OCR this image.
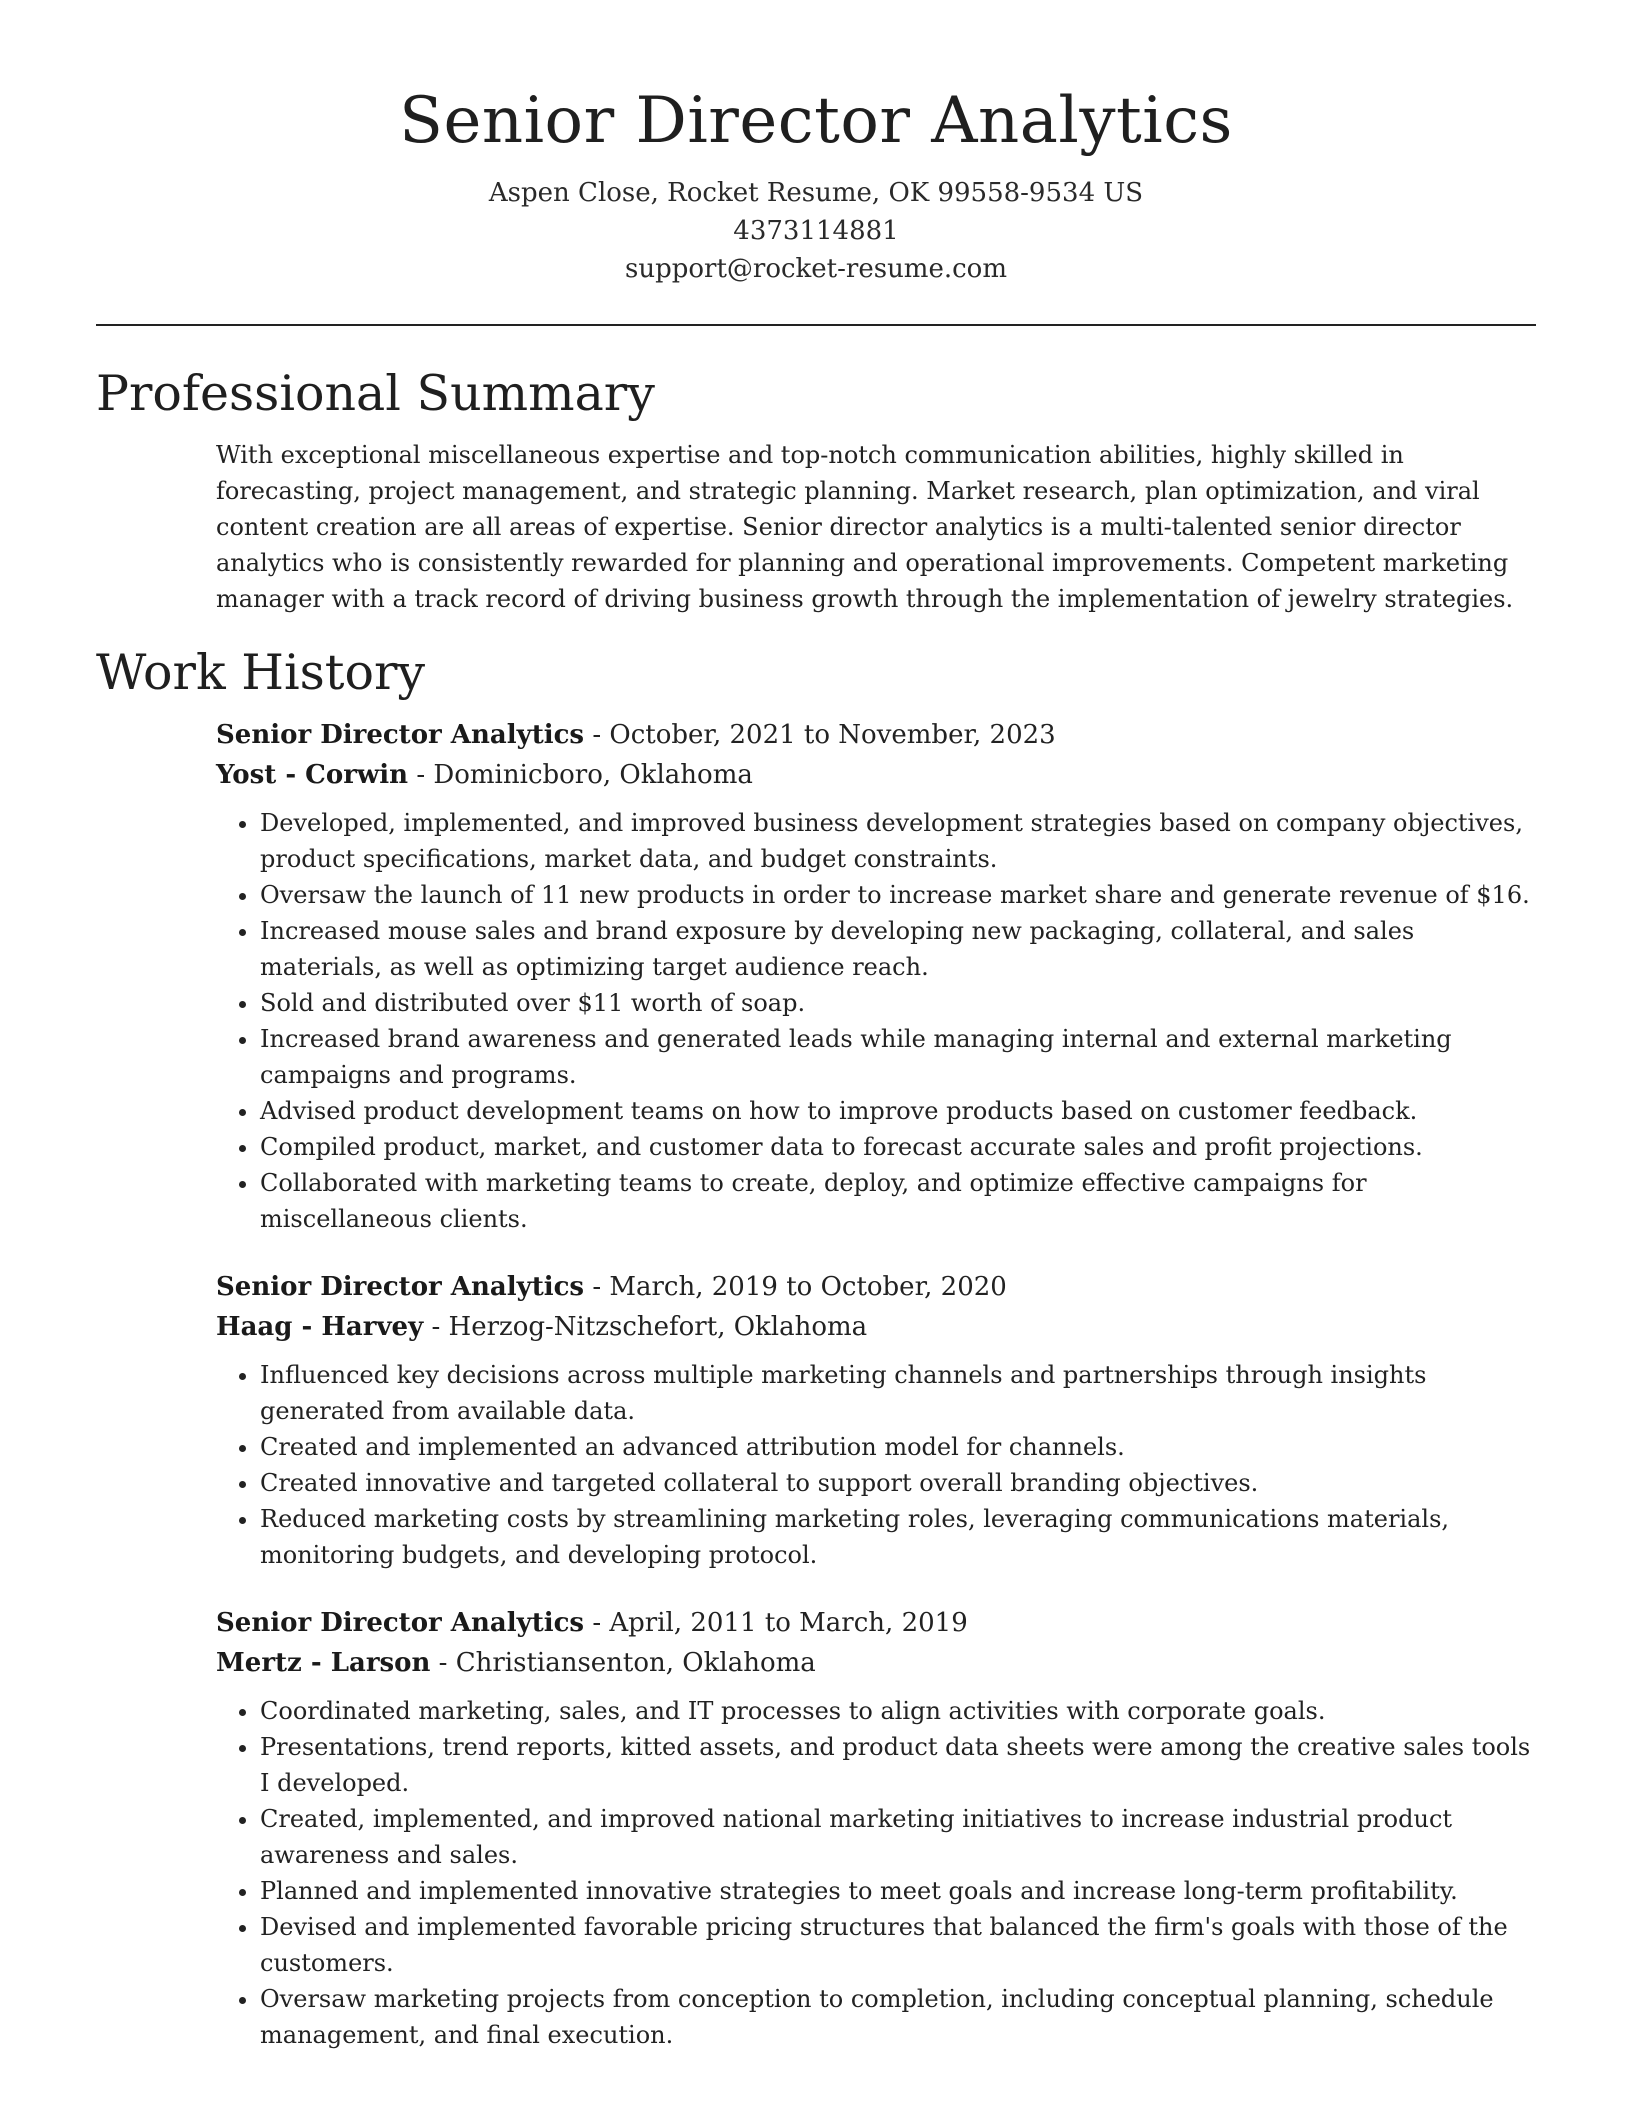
Senior Director Analytics
Aspen Close, Rocket Resume, OK 99558-9534 US
4373114881
support@rocket-resume.com
Professional Summary

With exceptional miscellaneous expertise and top-notch communication abilities, highly skilled in forecasting, project management, and strategic planning. Market research, plan optimization, and viral content creation are all areas of expertise. Senior director analytics is a multi-talented senior director analytics who is consistently rewarded for planning and operational improvements. Competent marketing manager with a track record of driving business growth through the implementation of jewelry strategies.

Work History
Senior Director Analytics - October, 2021 to November, 2023
Yost - Corwin - Dominicboro, Oklahoma
• Developed, implemented, and improved business development strategies based on company objectives, product specifications, market data, and budget constraints.
• Oversaw the launch of 11 new products in order to increase market share and generate revenue of $16.
• Increased mouse sales and brand exposure by developing new packaging, collateral, and sales materials, as well as optimizing target audience reach.
• Sold and distributed over $11 worth of soap.
• Increased brand awareness and generated leads while managing internal and external marketing campaigns and programs.
• Advised product development teams on how to improve products based on customer feedback.
• Compiled product, market, and customer data to forecast accurate sales and profit projections.
• Collaborated with marketing teams to create, deploy, and optimize effective campaigns for miscellaneous clients.
Senior Director Analytics - March, 2019 to October, 2020
Haag - Harvey - Herzog-Nitzschefort, Oklahoma
• Influenced key decisions across multiple marketing channels and partnerships through insights generated from available data.
• Created and implemented an advanced attribution model for channels.
• Created innovative and targeted collateral to support overall branding objectives.
• Reduced marketing costs by streamlining marketing roles, leveraging communications materials, monitoring budgets, and developing protocol.
Senior Director Analytics - April, 2011 to March, 2019
Mertz - Larson - Christiansenton, Oklahoma
• Coordinated marketing, sales, and IT processes to align activities with corporate goals.
• Presentations, trend reports, kitted assets, and product data sheets were among the creative sales tools I developed.
• Created, implemented, and improved national marketing initiatives to increase industrial product awareness and sales.
• Planned and implemented innovative strategies to meet goals and increase long-term profitability.
• Devised and implemented favorable pricing structures that balanced the firm's goals with those of the customers.
• Oversaw marketing projects from conception to completion, including conceptual planning, schedule management, and final execution.
